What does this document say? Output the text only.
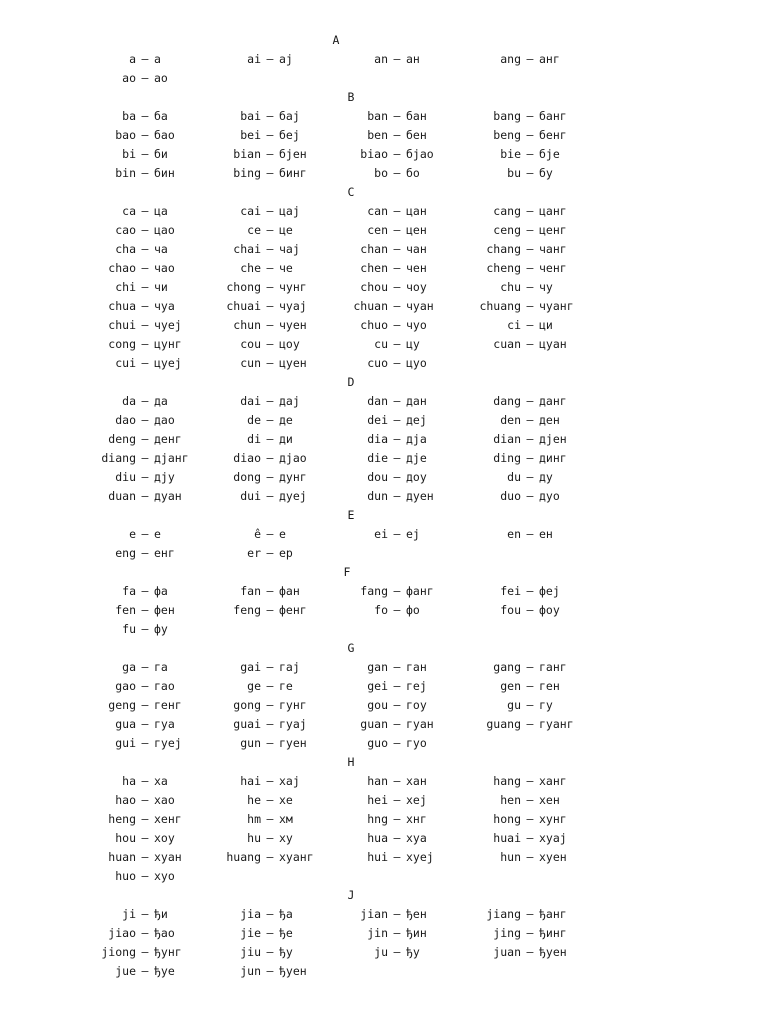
A
a – а	ai – ај	an – ан	ang – анг
ao – ао
B
ba – ба	bai – бај	ban – бан	bang – банг
bao – бао	bei – беј	ben – бен	beng – бенг
bi – би	bian – бјен	biao – бјао	bie – бје
bin – бин	bing – бинг	bo – бо	bu – бу
C
ca – ца	cai – цај	can – цан	cang – цанг
cao – цао	ce – це	cen – цен	ceng – ценг
cha – ча	chai – чај	chan – чан	chang – чанг
chao – чао	che – че	chen – чен	cheng – ченг
chi – чи	chong – чунг	chou – чоу	chu – чу
chua – чуа	chuai – чуај	chuan – чуан	chuang – чуанг
chui – чуеј	chun – чуен	chuo – чуо	ci – ци
cong – цунг	cou – цоу	cu – цу	cuan – цуан
cui – цуеј	cun – цуен	cuo – цуо
D
da – да	dai – дај	dan – дан	dang – данг
dao – дао	de – де	dei – деј	den – ден
deng – денг	di – ди	dia – дја	dian – дјен
diang – дјанг	diao – дјао	die – дје	ding – динг
diu – дју	dong – дунг	dou – доу	du – ду
duan – дуан	dui – дуеј	dun – дуен	duo – дуо
E
e – е	ê – е	ei – еј	en – ен
eng – енг	er – ер
F
fa – фа	fan – фан	fang – фанг	fei – феј
fen – фен	feng – фенг	fo – фо	fou – фоу
fu – фу
G
ga – га	gai – гај	gan – ган	gang – ганг
gao – гао	ge – ге	gei – геј	gen – ген
geng – генг	gong – гунг	gou – гоу	gu – гу
gua – гуа	guai – гуај	guan – гуан	guang – гуанг
gui – гуеј	gun – гуен	guo – гуо
H
ha – ха	hai – хај	han – хан	hang – ханг
hao – хао	he – хе	hei – хеј	hen – хен
heng – хенг	hm – хм	hng – хнг	hong – хунг
hou – хоу	hu – ху	hua – хуа	huai – хуај
huan – хуан	huang – хуанг	hui – хуеј	hun – хуен
huo – хуо
J
ji – ђи	jia – ђа	jian – ђен	jiang – ђанг
jiao – ђао	jie – ђе	jin – ђин	jing – ђинг
jiong – ђунг	jiu – ђу	ju – ђу	juan – ђуен
jue – ђуе	jun – ђуен
